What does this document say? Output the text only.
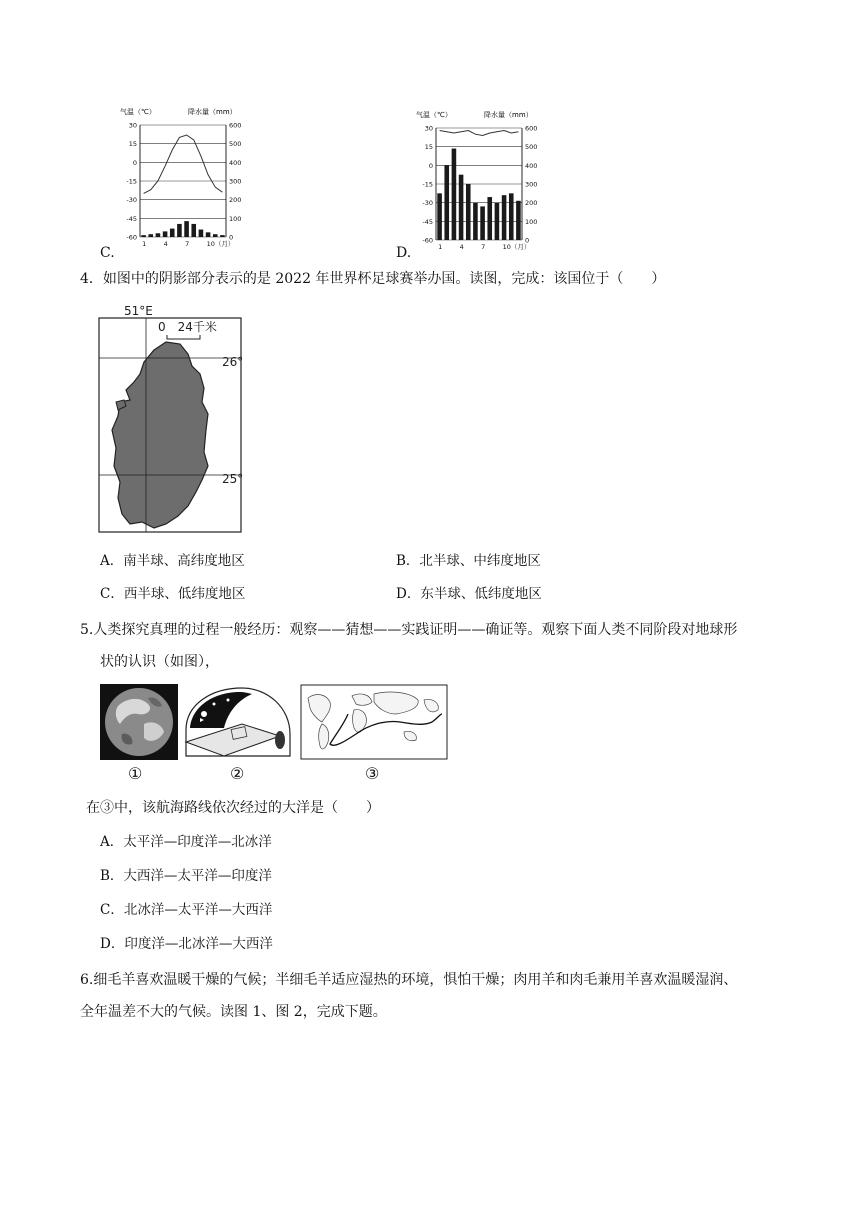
C.	D.
气温（℃）	降水量（mm）
30	600
15	500
0	400
-15	300
-30	200
-45	100
-60	0
1	4	7	10（月）
气温（℃）	降水量（mm）
30	600
15	500
0	400
-15	300
-30	200
-45	100
-60	0
1	4	7	10（月）
4．如图中的阴影部分表示的是 2022 年世界杯足球赛举办国。读图，完成：该国位于（　　）
51°E
0　24千米
26°
25°
A．南半球、高纬度地区	B．北半球、中纬度地区
C．西半球、低纬度地区	D．东半球、低纬度地区
5.人类探究真理的过程一般经历：观察——猜想——实践证明——确证等。观察下面人类不同阶段对地球形
状的认识（如图），
①	②	③
在③中，该航海路线依次经过的大洋是（　　）
A．太平洋—印度洋—北冰洋
B．大西洋—太平洋—印度洋
C．北冰洋—太平洋—大西洋
D．印度洋—北冰洋—大西洋
6.细毛羊喜欢温暖干燥的气候；半细毛羊适应湿热的环境，惧怕干燥；肉用羊和肉毛兼用羊喜欢温暖湿润、
全年温差不大的气候。读图 1、图 2，完成下题。
